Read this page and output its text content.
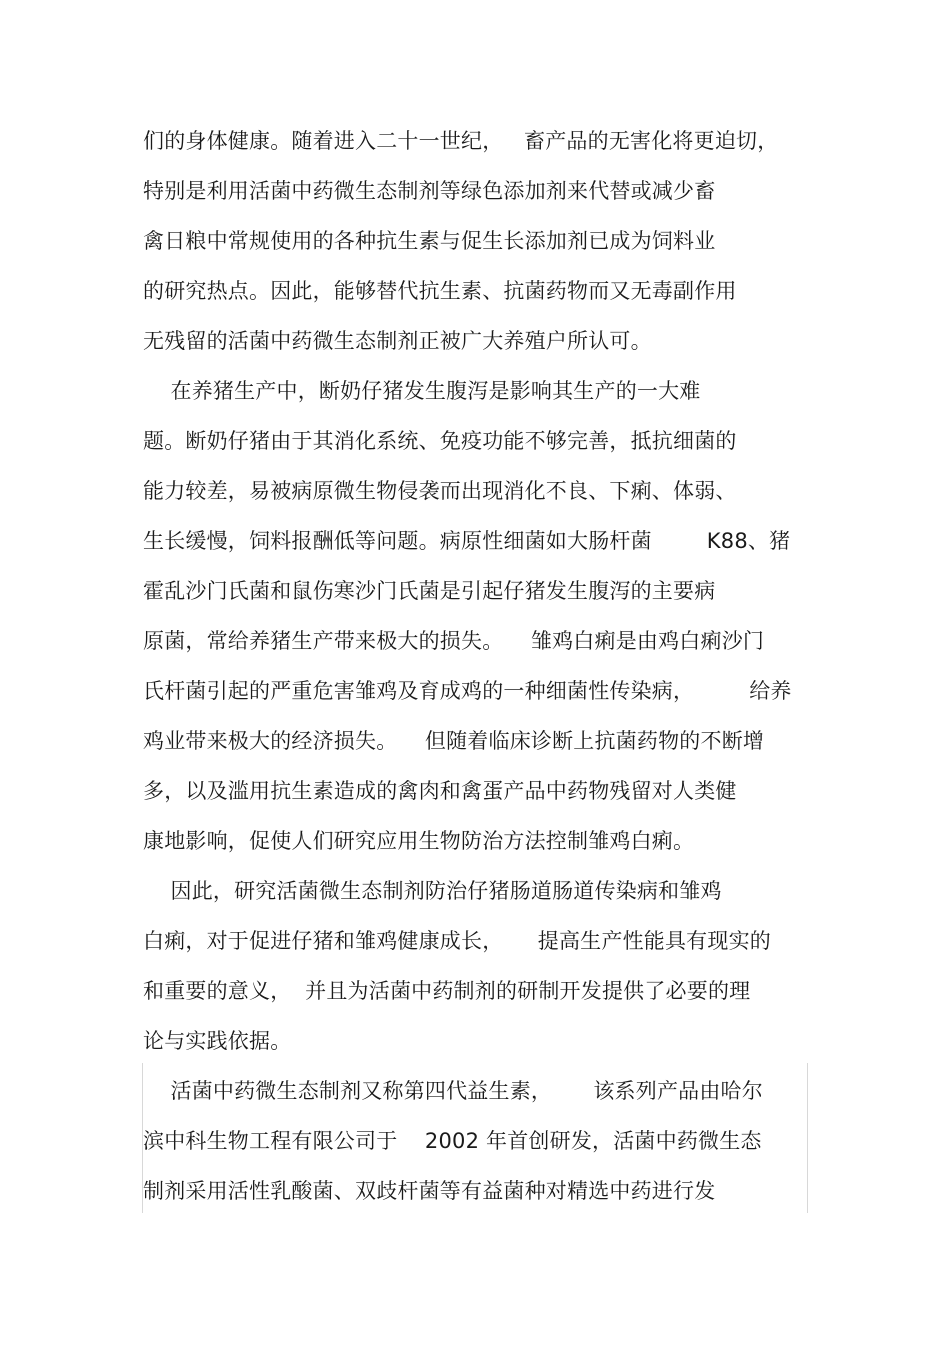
们的身体健康。随着进入二十一世纪，   畜产品的无害化将更迫切，
特别是利用活菌中药微生态制剂等绿色添加剂来代替或减少畜
禽日粮中常规使用的各种抗生素与促生长添加剂已成为饲料业
的研究热点。因此，能够替代抗生素、抗菌药物而又无毒副作用
无残留的活菌中药微生态制剂正被广大养殖户所认可。
在养猪生产中，断奶仔猪发生腹泻是影响其生产的一大难
题。断奶仔猪由于其消化系统、免疫功能不够完善，抵抗细菌的
能力较差，易被病原微生物侵袭而出现消化不良、下痢、体弱、
生长缓慢，饲料报酬低等问题。病原性细菌如大肠杆菌        K88、猪
霍乱沙门氏菌和鼠伤寒沙门氏菌是引起仔猪发生腹泻的主要病
原菌，常给养猪生产带来极大的损失。    雏鸡白痢是由鸡白痢沙门
氏杆菌引起的严重危害雏鸡及育成鸡的一种细菌性传染病，        给养
鸡业带来极大的经济损失。    但随着临床诊断上抗菌药物的不断增
多，以及滥用抗生素造成的禽肉和禽蛋产品中药物残留对人类健
康地影响，促使人们研究应用生物防治方法控制雏鸡白痢。
因此，研究活菌微生态制剂防治仔猪肠道肠道传染病和雏鸡
白痢，对于促进仔猪和雏鸡健康成长，     提高生产性能具有现实的
和重要的意义，  并且为活菌中药制剂的研制开发提供了必要的理
论与实践依据。
活菌中药微生态制剂又称第四代益生素，      该系列产品由哈尔
滨中科生物工程有限公司于    2002 年首创研发，活菌中药微生态
制剂采用活性乳酸菌、双歧杆菌等有益菌种对精选中药进行发
